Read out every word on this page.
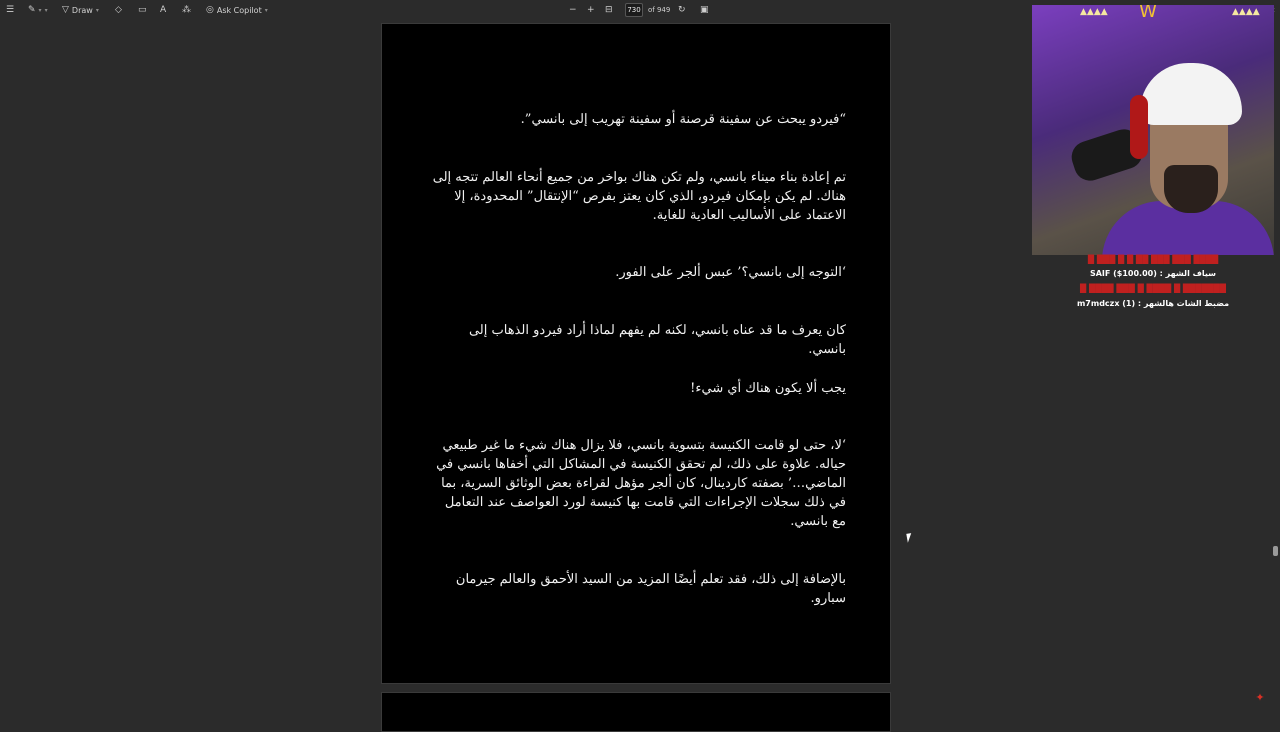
☰ ✎ ▾ ▾ ▽ Draw ▾ ◇ ▭ A ⁂ ◎ Ask Copilot ▾	− + ⊟	730	of 949 ↻ ▣
“فيردو يبحث عن سفينة قرصنة أو سفينة تهريب إلى بانسي”.
تم إعادة بناء ميناء بانسي، ولم تكن هناك بواخر من جميع أنحاء العالم تتجه إلى هناك. لم يكن بإمكان فيردو، الذي كان يعتز بفرص “الإنتقال” المحدودة، إلا الاعتماد على الأساليب العادية للغاية.
‘التوجه إلى بانسي؟’ عبس ألجر على الفور.
كان يعرف ما قد عناه بانسي، لكنه لم يفهم لماذا أراد فيردو الذهاب إلى بانسي.
يجب ألا يكون هناك أي شيء!
‘لا، حتى لو قامت الكنيسة بتسوية بانسي، فلا يزال هناك شيء ما غير طبيعي حياله. علاوة على ذلك، لم تحقق الكنيسة في المشاكل التي أخفاها بانسي في الماضي…’ بصفته كاردينال، كان ألجر مؤهل لقراءة بعض الوثائق السرية، بما في ذلك سجلات الإجراءات التي قامت بها كنيسة لورد العواصف عند التعامل مع بانسي.
بالإضافة إلى ذلك، فقد تعلم أيضًا المزيد من السيد الأحمق والعالم جيرمان سبارو.
✦
▲▲▲▲	▲▲▲▲
W
████ ███ ███ ██ █ █ ███ █
سياف الشهر : SAIF ($100.00)
███████ █ ████ █ ███ ████ █
مضبط الشات هالشهر : m7mdczx (1)
